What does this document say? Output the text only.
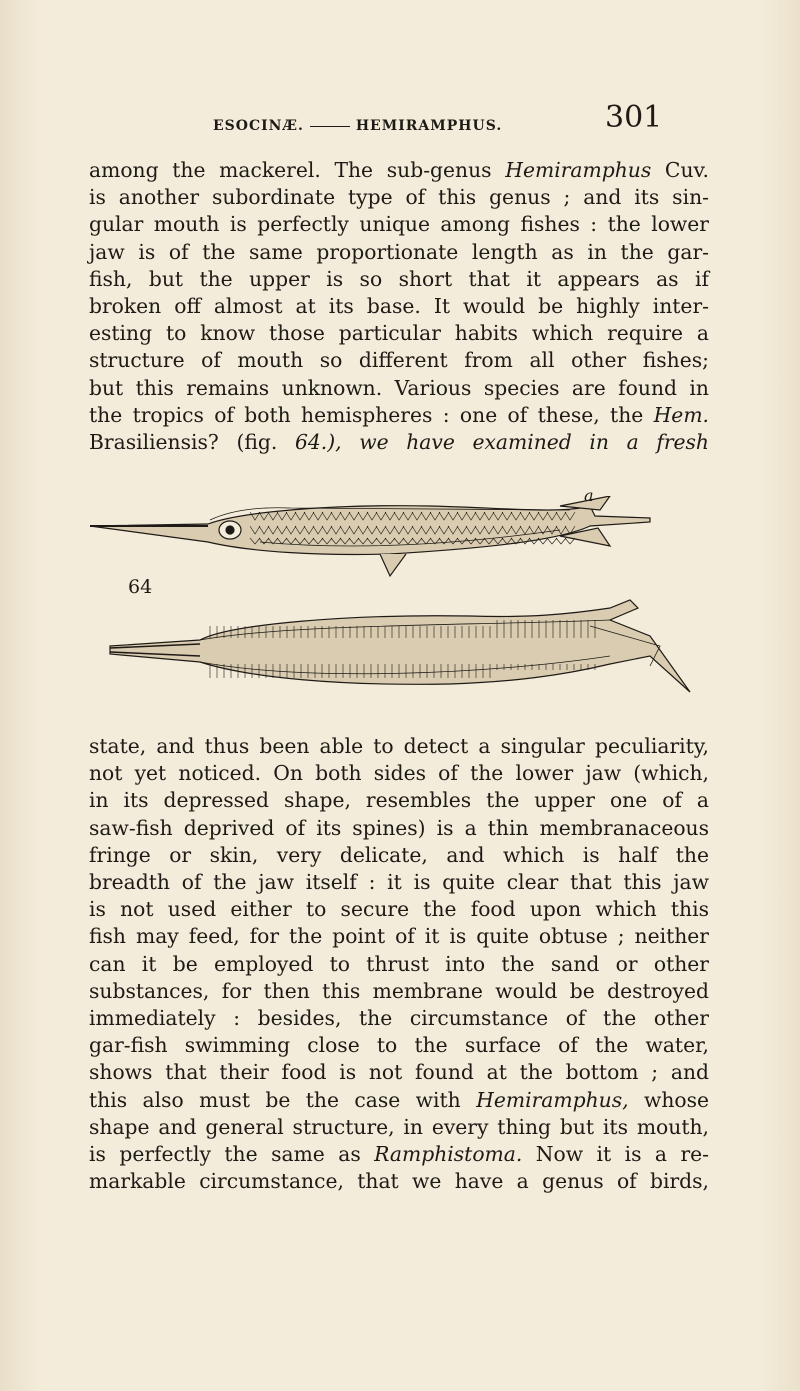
ESOCINÆ.	HEMIRAMPHUS.	301
among the mackerel. The sub-genus Hemiramphus Cuv.
is another subordinate type of this genus ; and its sin-
gular mouth is perfectly unique among fishes : the lower
jaw is of the same proportionate length as in the gar-
fish, but the upper is so short that it appears as if
broken off almost at its base. It would be highly inter-
esting to know those particular habits which require a
structure of mouth so different from all other fishes;
but this remains unknown. Various species are found in
the tropics of both hemispheres : one of these, the Hem.
Brasiliensis? (fig. 64.), we have examined in a fresh
64
a
state, and thus been able to detect a singular peculiarity,
not yet noticed. On both sides of the lower jaw (which,
in its depressed shape, resembles the upper one of a
saw-fish deprived of its spines) is a thin membranaceous
fringe or skin, very delicate, and which is half the
breadth of the jaw itself : it is quite clear that this jaw
is not used either to secure the food upon which this
fish may feed, for the point of it is quite obtuse ; neither
can it be employed to thrust into the sand or other
substances, for then this membrane would be destroyed
immediately : besides, the circumstance of the other
gar-fish swimming close to the surface of the water,
shows that their food is not found at the bottom ; and
this also must be the case with Hemiramphus, whose
shape and general structure, in every thing but its mouth,
is perfectly the same as Ramphistoma. Now it is a re-
markable circumstance, that we have a genus of birds,
